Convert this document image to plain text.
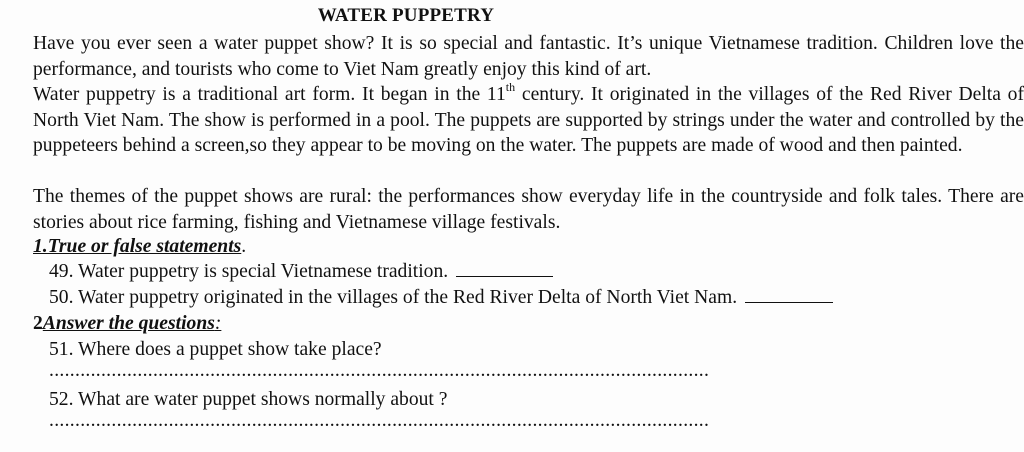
WATER PUPPETRY
Have you ever seen a water puppet show? It is so special and fantastic. It’s unique Vietnamese tradition. Children love the performance, and tourists who come to Viet Nam greatly enjoy this kind of art.
Water puppetry is a traditional art form. It began in the 11th century. It originated in the villages of the Red River Delta of North Viet Nam. The show is performed in a pool. The puppets are supported by strings under the water and controlled by the puppeteers behind a screen,so they appear to be moving on the water. The puppets are made of wood and then painted.
The themes of the puppet shows are rural: the performances show everyday life in the countryside and folk tales. There are stories about rice farming, fishing and Vietnamese village festivals.
1.True or false statements.
49. Water puppetry is special Vietnamese tradition.
50. Water puppetry originated in the villages of the Red River Delta of North Viet Nam.
2Answer the questions:
51. Where does a puppet show take place?
...............................................................................................................................
52. What are water puppet shows normally about ?
...............................................................................................................................
